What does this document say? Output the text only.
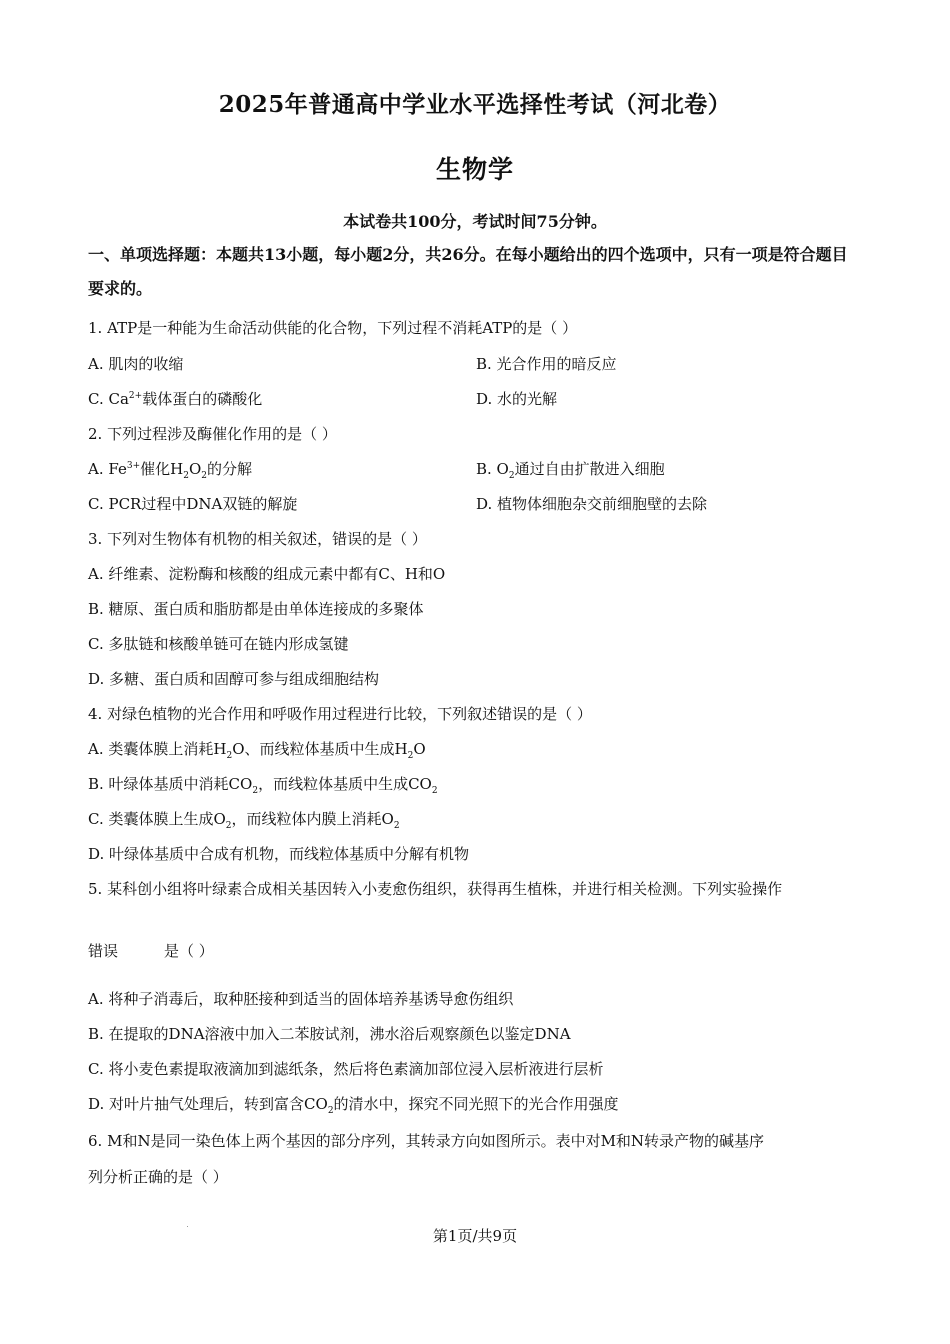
2025年普通高中学业水平选择性考试（河北卷）
生物学
本试卷共100分，考试时间75分钟。
一、单项选择题：本题共13小题，每小题2分，共26分。在每小题给出的四个选项中，只有一项是符合题目要求的。
1. ATP是一种能为生命活动供能的化合物，下列过程不消耗ATP的是（ ）
A. 肌肉的收缩	B. 光合作用的暗反应
C. $Ca^{2+}$载体蛋白的磷酸化	D. 水的光解
2. 下列过程涉及酶催化作用的是（ ）
A. $Fe^{3+}$催化$H_2O_2$的分解	B. $O_2$通过自由扩散进入细胞
C. PCR过程中DNA双链的解旋	D. 植物体细胞杂交前细胞壁的去除
3. 下列对生物体有机物的相关叙述，错误的是（ ）
A. 纤维素、淀粉酶和核酸的组成元素中都有C、H和O
B. 糖原、蛋白质和脂肪都是由单体连接成的多聚体
C. 多肽链和核酸单链可在链内形成氢键
D. 多糖、蛋白质和固醇可参与组成细胞结构
4. 对绿色植物的光合作用和呼吸作用过程进行比较，下列叙述错误的是（ ）
A. 类囊体膜上消耗$H_2O$、而线粒体基质中生成$H_2O$
B. 叶绿体基质中消耗$CO_2$，而线粒体基质中生成$CO_2$
C. 类囊体膜上生成$O_2$，而线粒体内膜上消耗$O_2$
D. 叶绿体基质中合成有机物，而线粒体基质中分解有机物
5. 某科创小组将叶绿素合成相关基因转入小麦愈伤组织，获得再生植株，并进行相关检测。下列实验操作
错误	是（ ）
A. 将种子消毒后，取种胚接种到适当的固体培养基诱导愈伤组织
B. 在提取的DNA溶液中加入二苯胺试剂，沸水浴后观察颜色以鉴定DNA
C. 将小麦色素提取液滴加到滤纸条，然后将色素滴加部位浸入层析液进行层析
D. 对叶片抽气处理后，转到富含$CO_2$的清水中，探究不同光照下的光合作用强度
6. M和N是同一染色体上两个基因的部分序列，其转录方向如图所示。表中对M和N转录产物的碱基序
列分析正确的是（ ）
第1页/共9页
